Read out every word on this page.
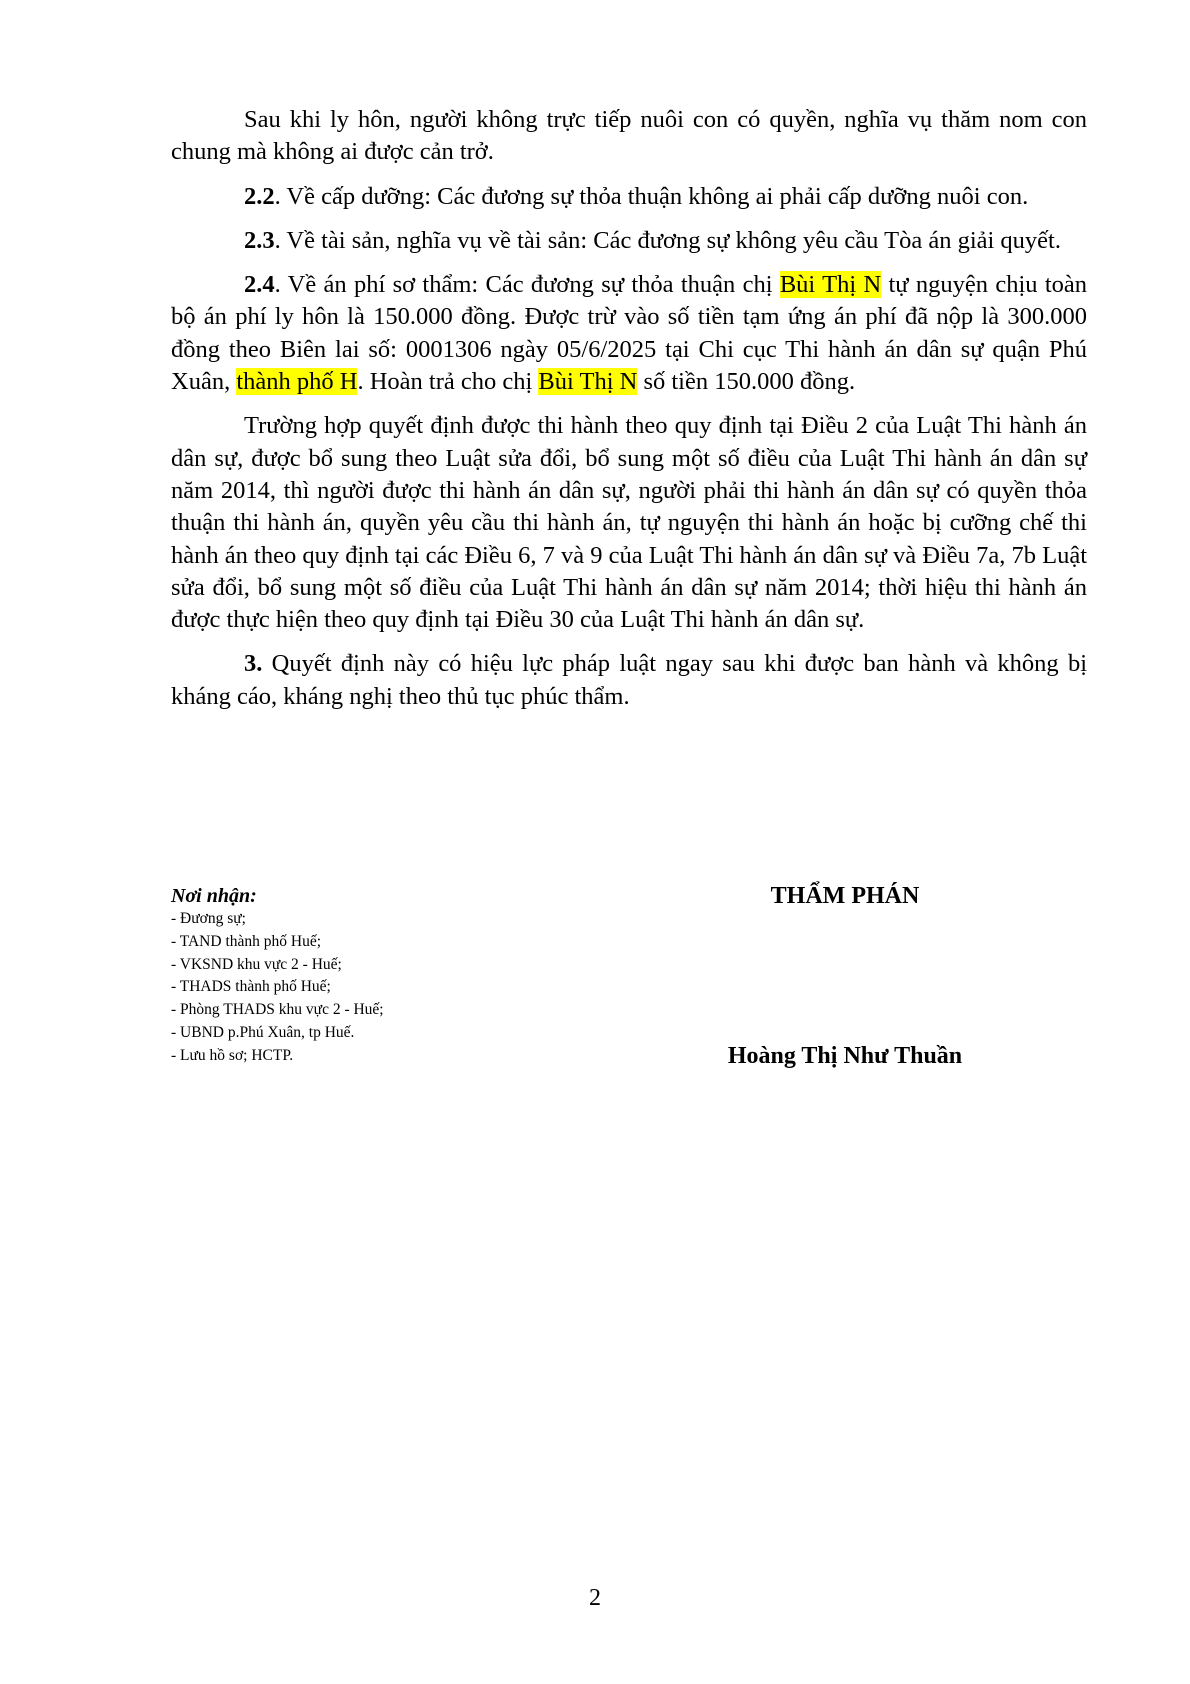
Sau khi ly hôn, người không trực tiếp nuôi con có quyền, nghĩa vụ thăm nom con chung mà không ai được cản trở.

2.2. Về cấp dưỡng: Các đương sự thỏa thuận không ai phải cấp dưỡng nuôi con.

2.3. Về tài sản, nghĩa vụ về tài sản: Các đương sự không yêu cầu Tòa án giải quyết.

2.4. Về án phí sơ thẩm: Các đương sự thỏa thuận chị Bùi Thị N tự nguyện chịu toàn bộ án phí ly hôn là 150.000 đồng. Được trừ vào số tiền tạm ứng án phí đã nộp là 300.000 đồng theo Biên lai số: 0001306 ngày 05/6/2025 tại Chi cục Thi hành án dân sự quận Phú Xuân, thành phố H. Hoàn trả cho chị Bùi Thị N số tiền 150.000 đồng.

Trường hợp quyết định được thi hành theo quy định tại Điều 2 của Luật Thi hành án dân sự, được bổ sung theo Luật sửa đổi, bổ sung một số điều của Luật Thi hành án dân sự năm 2014, thì người được thi hành án dân sự, người phải thi hành án dân sự có quyền thỏa thuận thi hành án, quyền yêu cầu thi hành án, tự nguyện thi hành án hoặc bị cưỡng chế thi hành án theo quy định tại các Điều 6, 7 và 9 của Luật Thi hành án dân sự và Điều 7a, 7b Luật sửa đổi, bổ sung một số điều của Luật Thi hành án dân sự năm 2014; thời hiệu thi hành án được thực hiện theo quy định tại Điều 30 của Luật Thi hành án dân sự.

3. Quyết định này có hiệu lực pháp luật ngay sau khi được ban hành và không bị kháng cáo, kháng nghị theo thủ tục phúc thẩm.

Nơi nhận:
- Đương sự;
- TAND thành phố Huế;
- VKSND khu vực 2 - Huế;
- THADS thành phố Huế;
- Phòng THADS khu vực 2 - Huế;
- UBND p.Phú Xuân, tp Huế.
- Lưu hồ sơ; HCTP.
THẨM PHÁN
Hoàng Thị Như Thuần
2
